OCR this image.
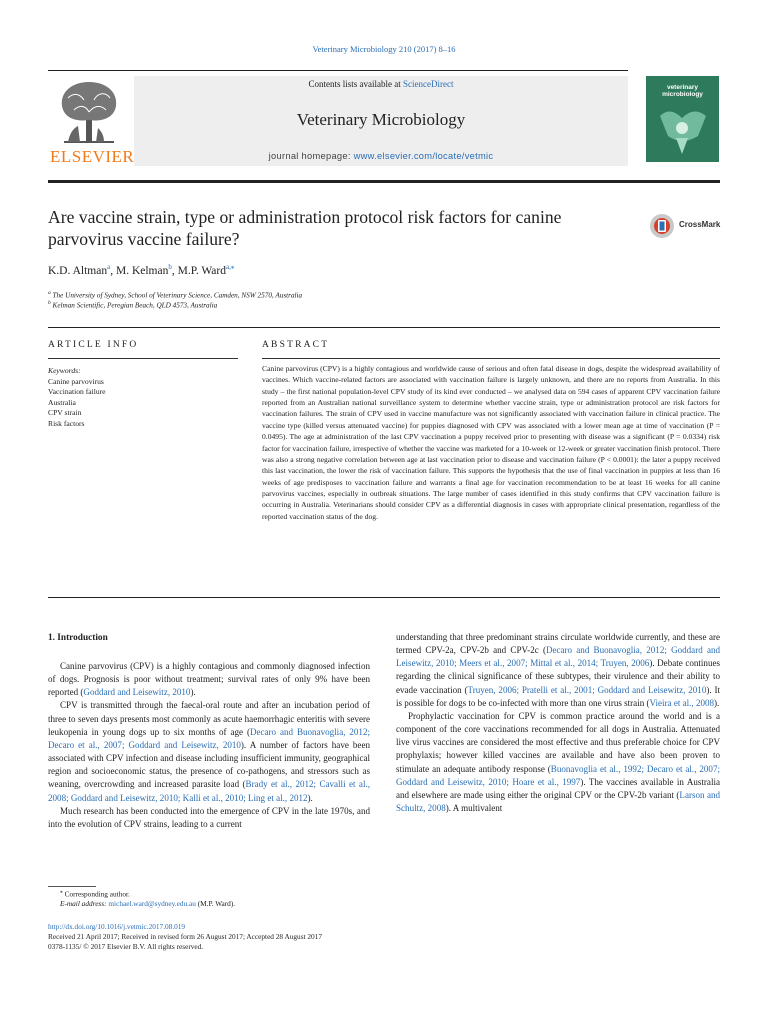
Veterinary Microbiology 210 (2017) 8–16
ELSEVIER
Contents lists available at ScienceDirect
Veterinary Microbiology
journal homepage: www.elsevier.com/locate/vetmic
veterinary microbiology
Are vaccine strain, type or administration protocol risk factors for canine parvovirus vaccine failure?
CrossMark
K.D. Altman$^a$, M. Kelman$^b$, M.P. Ward$^{a,⁎}$
$^a$ The University of Sydney, School of Veterinary Science, Camden, NSW 2570, Australia
$^b$ Kelman Scientific, Peregian Beach, QLD 4573, Australia
ARTICLE INFO	ABSTRACT
Keywords:
Canine parvovirus
Vaccination failure
Australia
CPV strain
Risk factors
Canine parvovirus (CPV) is a highly contagious and worldwide cause of serious and often fatal disease in dogs, despite the widespread availability of vaccines. Which vaccine-related factors are associated with vaccination failure is largely unknown, and there are no reports from Australia. In this study – the first national population-level CPV study of its kind ever conducted – we analysed data on 594 cases of apparent CPV vaccination failure reported from an Australian national surveillance system to determine whether vaccine strain, type or administration protocol are risk factors for vaccination failures. The strain of CPV used in vaccine manufacture was not significantly associated with vaccination failure in clinical practice. The vaccine type (killed versus attenuated vaccine) for puppies diagnosed with CPV was associated with a lower mean age at time of vaccination (P = 0.0495). The age at administration of the last CPV vaccination a puppy received prior to presenting with disease was a significant (P = 0.0334) risk factor for vaccination failure, irrespective of whether the vaccine was marketed for a 10-week or 12-week or greater vaccination finish protocol. There was also a strong negative correlation between age at last vaccination prior to disease and vaccination failure (P < 0.0001): the later a puppy received this last vaccination, the lower the risk of vaccination failure. This supports the hypothesis that the use of final vaccination in puppies at less than 16 weeks of age predisposes to vaccination failure and warrants a final age for vaccination recommendation to be at least 16 weeks for all canine parvovirus vaccines, especially in outbreak situations. The large number of cases identified in this study confirms that CPV vaccination failure is occurring in Australia. Veterinarians should consider CPV as a differential diagnosis in cases with appropriate clinical presentation, regardless of the reported vaccination status of the dog.
1. Introduction

Canine parvovirus (CPV) is a highly contagious and commonly diagnosed infection of dogs. Prognosis is poor without treatment; survival rates of only 9% have been reported (Goddard and Leisewitz, 2010).

CPV is transmitted through the faecal-oral route and after an incubation period of three to seven days presents most commonly as acute haemorrhagic enteritis with severe leukopenia in young dogs up to six months of age (Decaro and Buonavoglia, 2012; Decaro et al., 2007; Goddard and Leisewitz, 2010). A number of factors have been associated with CPV infection and disease including insufficient immunity, geographical region and socioeconomic status, the presence of co-pathogens, and stressors such as weaning, overcrowding and increased parasite load (Brady et al., 2012; Cavalli et al., 2008; Goddard and Leisewitz, 2010; Kalli et al., 2010; Ling et al., 2012).

Much research has been conducted into the emergence of CPV in the late 1970s, and into the evolution of CPV strains, leading to a current

understanding that three predominant strains circulate worldwide currently, and these are termed CPV-2a, CPV-2b and CPV-2c (Decaro and Buonavoglia, 2012; Goddard and Leisewitz, 2010; Meers et al., 2007; Mittal et al., 2014; Truyen, 2006). Debate continues regarding the clinical significance of these subtypes, their virulence and their ability to evade vaccination (Truyen, 2006; Pratelli et al., 2001; Goddard and Leisewitz, 2010). It is possible for dogs to be co-infected with more than one virus strain (Vieira et al., 2008).

Prophylactic vaccination for CPV is common practice around the world and is a component of the core vaccinations recommended for all dogs in Australia. Attenuated live virus vaccines are considered the most effective and thus preferable choice for CPV prophylaxis; however killed vaccines are available and have also been proven to stimulate an adequate antibody response (Buonavoglia et al., 1992; Decaro et al., 2007; Goddard and Leisewitz, 2010; Hoare et al., 1997). The vaccines available in Australia and elsewhere are made using either the original CPV or the CPV-2b variant (Larson and Schultz, 2008). A multivalent

⁎ Corresponding author.
E-mail address: michael.ward@sydney.edu.au (M.P. Ward).
http://dx.doi.org/10.1016/j.vetmic.2017.08.019
Received 21 April 2017; Received in revised form 26 August 2017; Accepted 28 August 2017
0378-1135/ © 2017 Elsevier B.V. All rights reserved.
